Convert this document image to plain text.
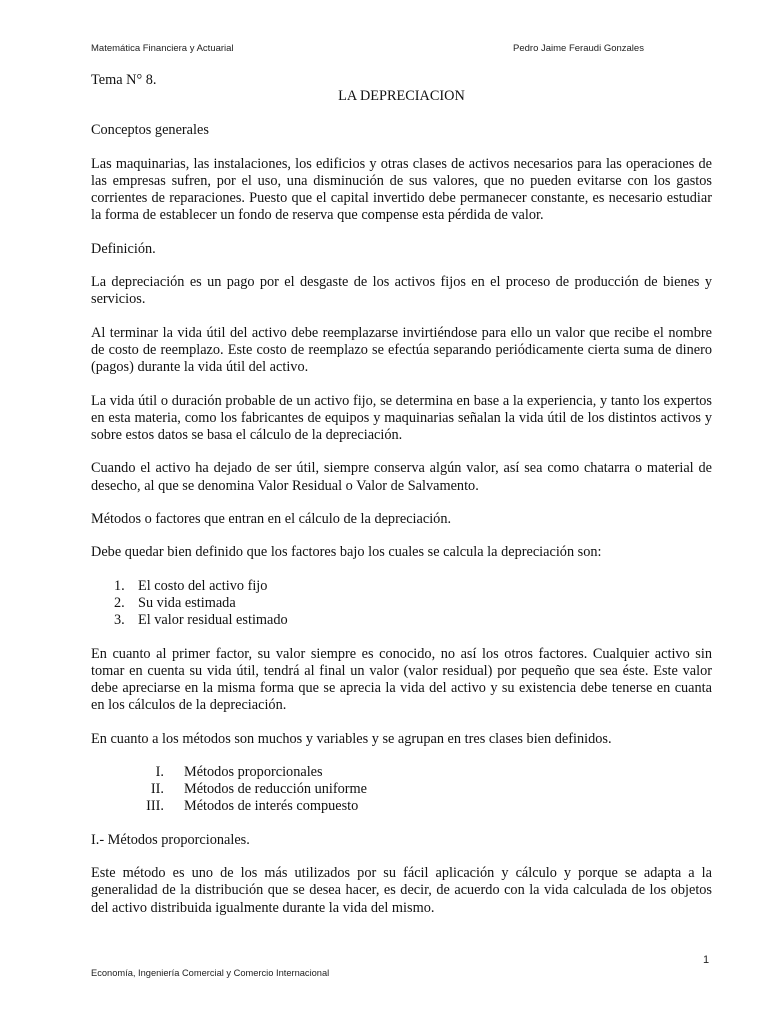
Matemática Financiera y Actuarial	Pedro Jaime Feraudi Gonzales

Tema N° 8.

LA DEPRECIACION

Conceptos generales

Las maquinarias, las instalaciones, los edificios y otras clases de activos necesarios para las operaciones de las empresas sufren, por el uso, una disminución de sus valores, que no pueden evitarse con los gastos corrientes de reparaciones. Puesto que el capital invertido debe permanecer constante, es necesario estudiar la forma de establecer un fondo de reserva que compense esta pérdida de valor.

Definición.

La depreciación es un pago por el desgaste de los activos fijos en el proceso de producción de bienes y servicios.

Al terminar la vida útil del activo debe reemplazarse invirtiéndose para ello un valor que recibe el nombre de costo de reemplazo. Este costo de reemplazo se efectúa separando periódicamente cierta suma de dinero (pagos) durante la vida útil del activo.

La vida útil o duración probable de un activo fijo, se determina en base a la experiencia, y tanto los expertos en esta materia, como los fabricantes de equipos y maquinarias señalan la vida útil de los distintos activos y sobre estos datos se basa el cálculo de la depreciación.

Cuando el activo ha dejado de ser útil, siempre conserva algún valor, así sea como chatarra o material de desecho, al que se denomina Valor Residual o Valor de Salvamento.

Métodos o factores que entran en el cálculo de la depreciación.

Debe quedar bien definido que los factores bajo los cuales se calcula la depreciación son:

1. El costo del activo fijo
2. Su vida estimada
3. El valor residual estimado

En cuanto al primer factor, su valor siempre es conocido, no así los otros factores. Cualquier activo sin tomar en cuenta su vida útil, tendrá al final un valor (valor residual) por pequeño que sea éste. Este valor debe apreciarse en la misma forma que se aprecia la vida del activo y su existencia debe tenerse en cuanta en los cálculos de la depreciación.

En cuanto a los métodos son muchos y variables y se agrupan en tres clases bien definidos.

I. Métodos proporcionales
II. Métodos de reducción uniforme
III. Métodos de interés compuesto

I.- Métodos proporcionales.

Este método es uno de los más utilizados por su fácil aplicación y cálculo y porque se adapta a la generalidad de la distribución que se desea hacer, es decir, de acuerdo con la vida calculada de los objetos del activo distribuida igualmente durante la vida del mismo.

1
Economía, Ingeniería Comercial y Comercio Internacional
